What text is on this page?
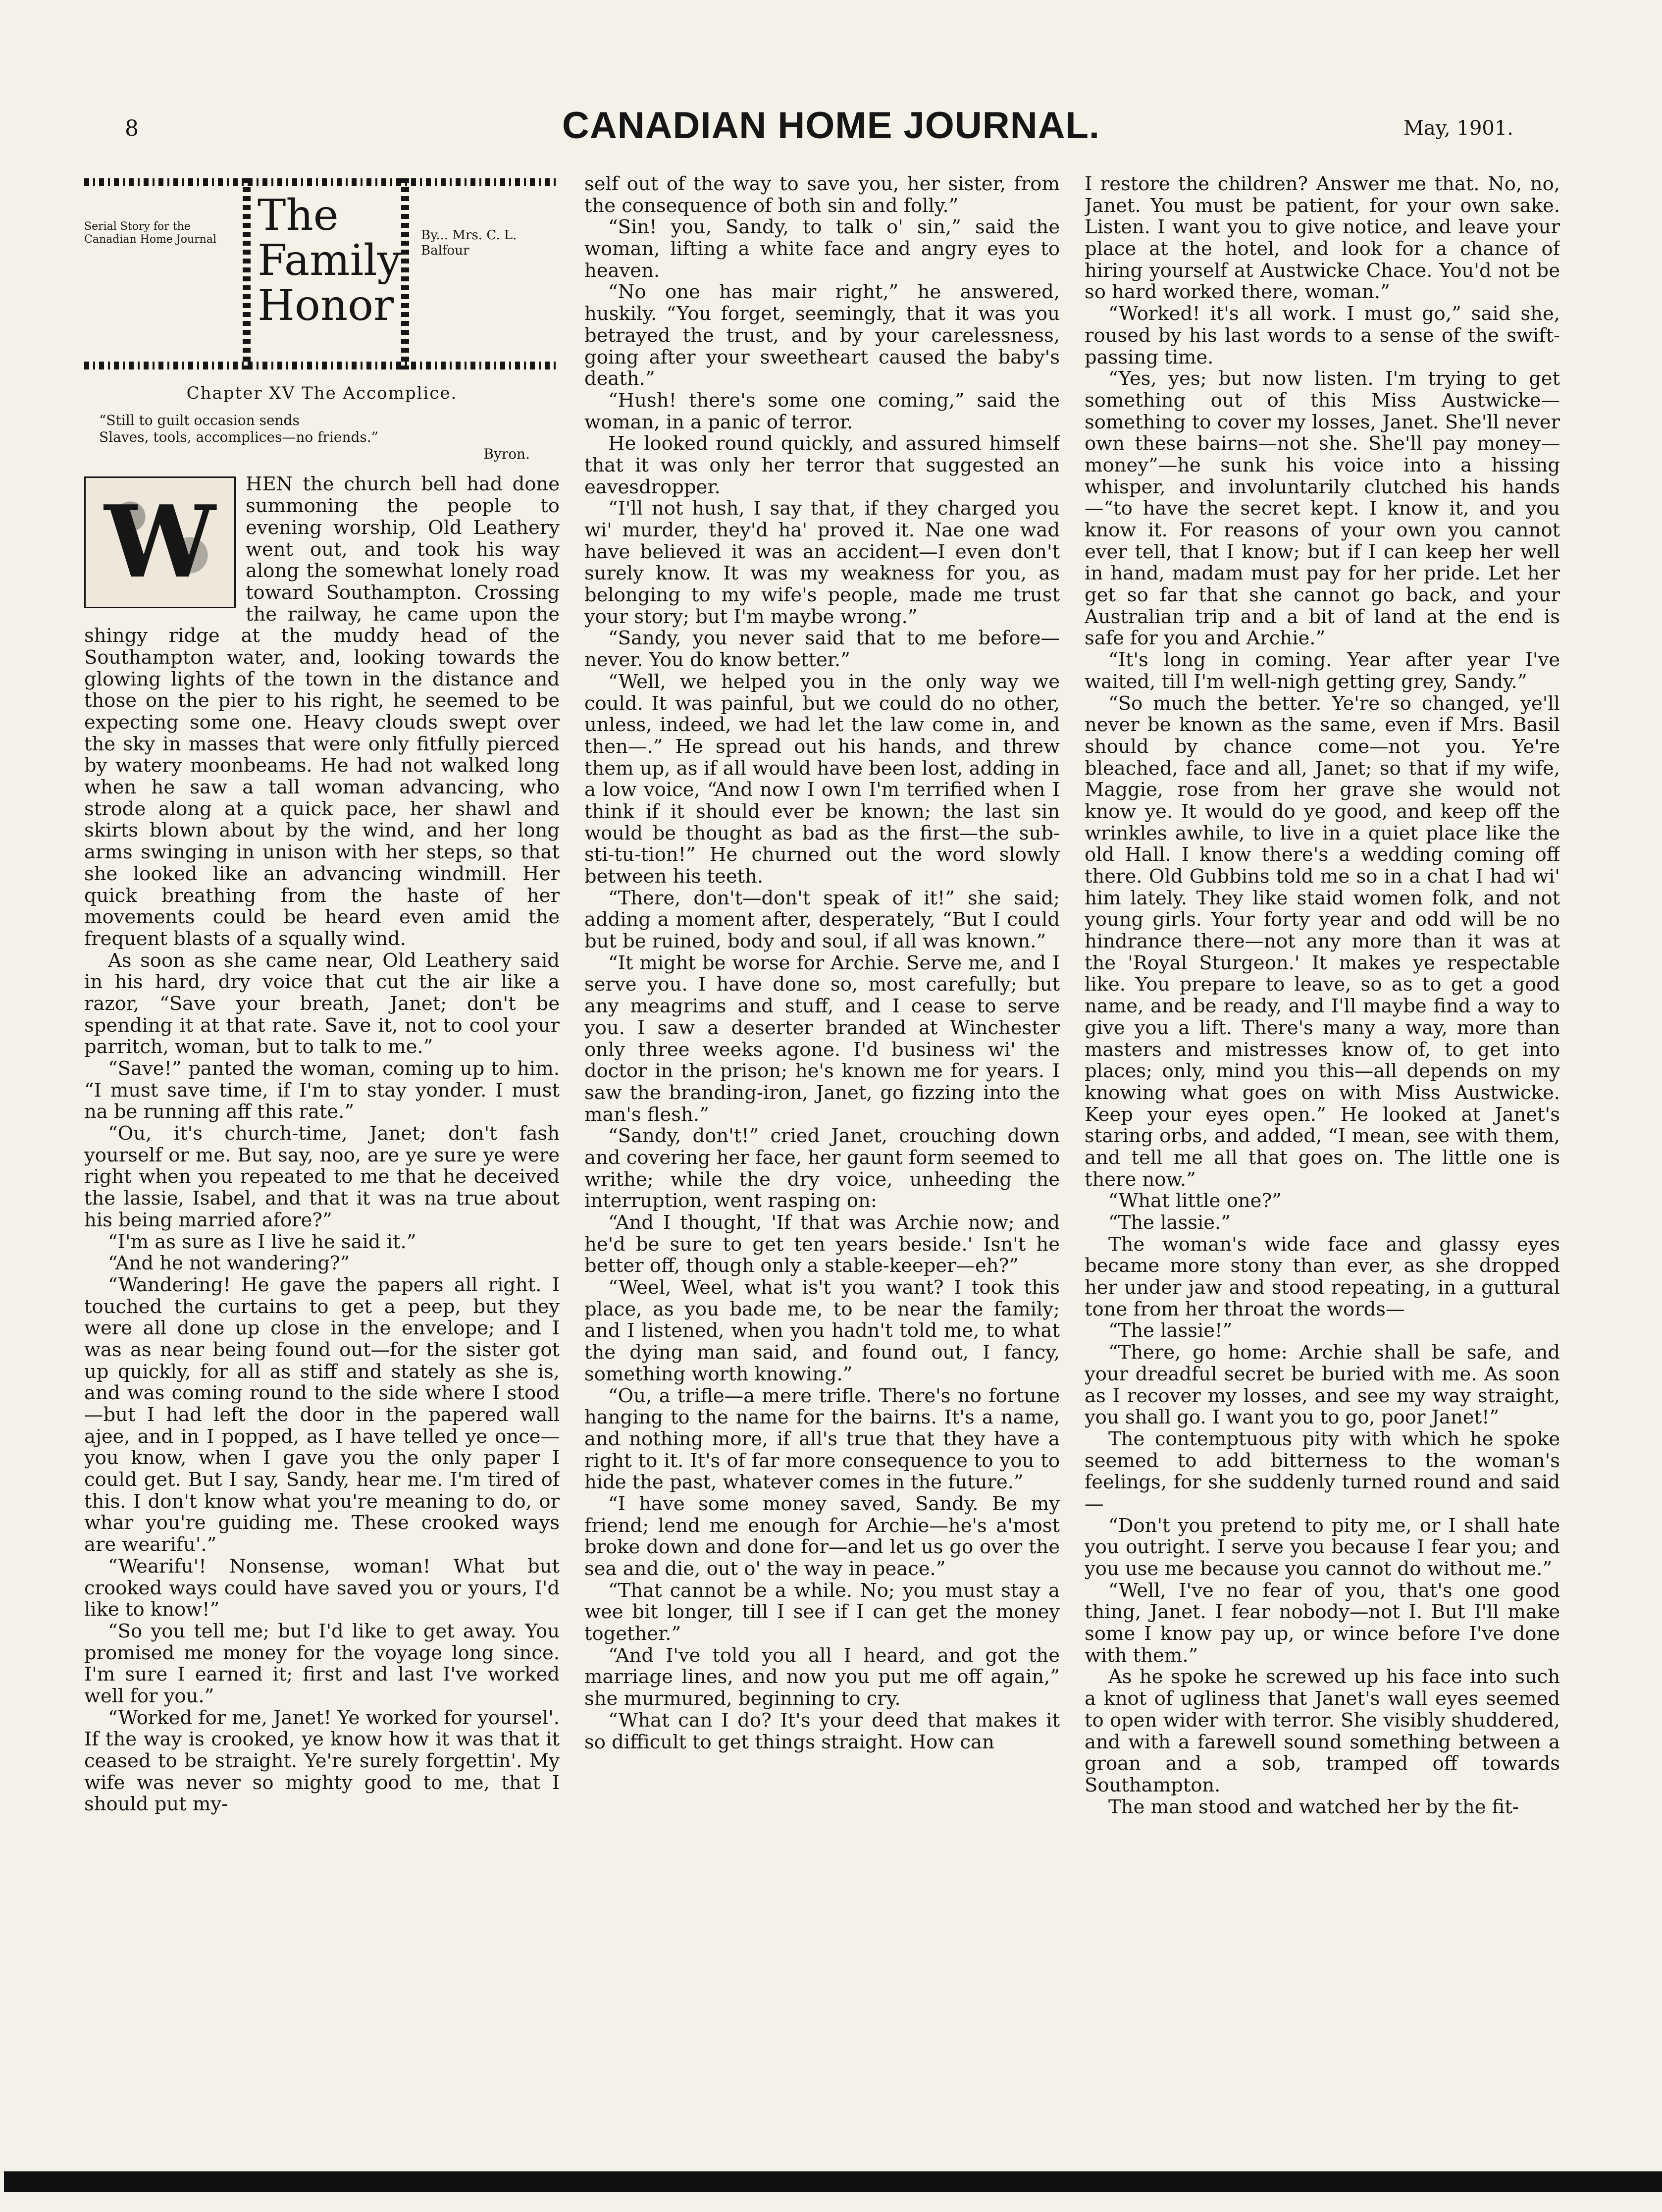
8	CANADIAN HOME JOURNAL.	May, 1901.
Serial Story for the Canadian Home Journal The
Family
Honor
By... Mrs. C. L. Balfour
Chapter XV The Accomplice.
“Still to guilt occasion sends
Slaves, tools, accomplices—no friends.”
Byron.
W	HEN the church bell had done summoning the people to evening worship, Old Leathery went out, and took his way along the somewhat lonely road toward Southampton. Crossing the railway, he came upon the shingy ridge at the muddy head of the Southampton water, and, looking towards the glowing lights of the town in the distance and those on the pier to his right, he seemed to be expecting some one. Heavy clouds swept over the sky in masses that were only fitfully pierced by watery moonbeams. He had not walked long when he saw a tall woman advancing, who strode along at a quick pace, her shawl and skirts blown about by the wind, and her long arms swinging in unison with her steps, so that she looked like an advancing windmill. Her quick breathing from the haste of her movements could be heard even amid the frequent blasts of a squally wind.

As soon as she came near, Old Leathery said in his hard, dry voice that cut the air like a razor, “Save your breath, Janet; don't be spending it at that rate. Save it, not to cool your parritch, woman, but to talk to me.”

“Save!” panted the woman, coming up to him. “I must save time, if I'm to stay yonder. I must na be running aff this rate.”

“Ou, it's church-time, Janet; don't fash yourself or me. But say, noo, are ye sure ye were right when you repeated to me that he deceived the lassie, Isabel, and that it was na true about his being married afore?”

“I'm as sure as I live he said it.”

“And he not wandering?”

“Wandering! He gave the papers all right. I touched the curtains to get a peep, but they were all done up close in the envelope; and I was as near being found out—for the sister got up quickly, for all as stiff and stately as she is, and was coming round to the side where I stood—but I had left the door in the papered wall ajee, and in I popped, as I have telled ye once—you know, when I gave you the only paper I could get. But I say, Sandy, hear me. I'm tired of this. I don't know what you're meaning to do, or whar you're guiding me. These crooked ways are wearifu'.”

“Wearifu'! Nonsense, woman! What but crooked ways could have saved you or yours, I'd like to know!”

“So you tell me; but I'd like to get away. You promised me money for the voyage long since. I'm sure I earned it; first and last I've worked well for you.”

“Worked for me, Janet! Ye worked for yoursel'. If the way is crooked, ye know how it was that it ceased to be straight. Ye're surely forgettin'. My wife was never so mighty good to me, that I should put my-

self out of the way to save you, her sister, from the consequence of both sin and folly.”

“Sin! you, Sandy, to talk o' sin,” said the woman, lifting a white face and angry eyes to heaven.

“No one has mair right,” he answered, huskily. “You forget, seemingly, that it was you betrayed the trust, and by your carelessness, going after your sweetheart caused the baby's death.”

“Hush! there's some one coming,” said the woman, in a panic of terror.

He looked round quickly, and assured himself that it was only her terror that suggested an eavesdropper.

“I'll not hush, I say that, if they charged you wi' murder, they'd ha' proved it. Nae one wad have believed it was an accident—I even don't surely know. It was my weakness for you, as belonging to my wife's people, made me trust your story; but I'm maybe wrong.”

“Sandy, you never said that to me before—never. You do know better.”

“Well, we helped you in the only way we could. It was painful, but we could do no other, unless, indeed, we had let the law come in, and then—.” He spread out his hands, and threw them up, as if all would have been lost, adding in a low voice, “And now I own I'm terrified when I think if it should ever be known; the last sin would be thought as bad as the first—the sub-sti-tu-tion!” He churned out the word slowly between his teeth.

“There, don't—don't speak of it!” she said; adding a moment after, desperately, “But I could but be ruined, body and soul, if all was known.”

“It might be worse for Archie. Serve me, and I serve you. I have done so, most carefully; but any meagrims and stuff, and I cease to serve you. I saw a deserter branded at Winchester only three weeks agone. I'd business wi' the doctor in the prison; he's known me for years. I saw the branding-iron, Janet, go fizzing into the man's flesh.”

“Sandy, don't!” cried Janet, crouching down and covering her face, her gaunt form seemed to writhe; while the dry voice, unheeding the interruption, went rasping on:

“And I thought, 'If that was Archie now; and he'd be sure to get ten years beside.' Isn't he better off, though only a stable-keeper—eh?”

“Weel, Weel, what is't you want? I took this place, as you bade me, to be near the family; and I listened, when you hadn't told me, to what the dying man said, and found out, I fancy, something worth knowing.”

“Ou, a trifle—a mere trifle. There's no fortune hanging to the name for the bairns. It's a name, and nothing more, if all's true that they have a right to it. It's of far more consequence to you to hide the past, whatever comes in the future.”

“I have some money saved, Sandy. Be my friend; lend me enough for Archie—he's a'most broke down and done for—and let us go over the sea and die, out o' the way in peace.”

“That cannot be a while. No; you must stay a wee bit longer, till I see if I can get the money together.”

“And I've told you all I heard, and got the marriage lines, and now you put me off again,” she murmured, beginning to cry.

“What can I do? It's your deed that makes it so difficult to get things straight. How can

I restore the children? Answer me that. No, no, Janet. You must be patient, for your own sake. Listen. I want you to give notice, and leave your place at the hotel, and look for a chance of hiring yourself at Austwicke Chace. You'd not be so hard worked there, woman.”

“Worked! it's all work. I must go,” said she, roused by his last words to a sense of the swift-passing time.

“Yes, yes; but now listen. I'm trying to get something out of this Miss Austwicke—something to cover my losses, Janet. She'll never own these bairns—not she. She'll pay money—money”—he sunk his voice into a hissing whisper, and involuntarily clutched his hands—“to have the secret kept. I know it, and you know it. For reasons of your own you cannot ever tell, that I know; but if I can keep her well in hand, madam must pay for her pride. Let her get so far that she cannot go back, and your Australian trip and a bit of land at the end is safe for you and Archie.”

“It's long in coming. Year after year I've waited, till I'm well-nigh getting grey, Sandy.”

“So much the better. Ye're so changed, ye'll never be known as the same, even if Mrs. Basil should by chance come—not you. Ye're bleached, face and all, Janet; so that if my wife, Maggie, rose from her grave she would not know ye. It would do ye good, and keep off the wrinkles awhile, to live in a quiet place like the old Hall. I know there's a wedding coming off there. Old Gubbins told me so in a chat I had wi' him lately. They like staid women folk, and not young girls. Your forty year and odd will be no hindrance there—not any more than it was at the 'Royal Sturgeon.' It makes ye respectable like. You prepare to leave, so as to get a good name, and be ready, and I'll maybe find a way to give you a lift. There's many a way, more than masters and mistresses know of, to get into places; only, mind you this—all depends on my knowing what goes on with Miss Austwicke. Keep your eyes open.” He looked at Janet's staring orbs, and added, “I mean, see with them, and tell me all that goes on. The little one is there now.”

“What little one?”

“The lassie.”

The woman's wide face and glassy eyes became more stony than ever, as she dropped her under jaw and stood repeating, in a guttural tone from her throat the words—

“The lassie!”

“There, go home: Archie shall be safe, and your dreadful secret be buried with me. As soon as I recover my losses, and see my way straight, you shall go. I want you to go, poor Janet!”

The contemptuous pity with which he spoke seemed to add bitterness to the woman's feelings, for she suddenly turned round and said—

“Don't you pretend to pity me, or I shall hate you outright. I serve you because I fear you; and you use me because you cannot do without me.”

“Well, I've no fear of you, that's one good thing, Janet. I fear nobody—not I. But I'll make some I know pay up, or wince before I've done with them.”

As he spoke he screwed up his face into such a knot of ugliness that Janet's wall eyes seemed to open wider with terror. She visibly shuddered, and with a farewell sound something between a groan and a sob, tramped off towards Southampton.

The man stood and watched her by the fit-
